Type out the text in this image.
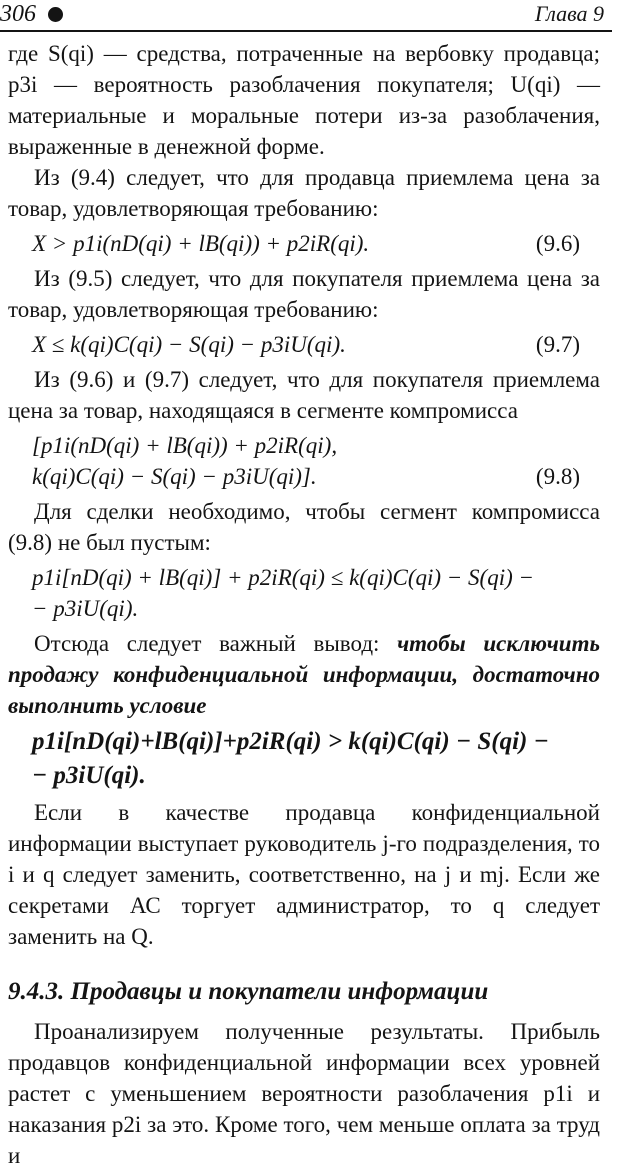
306	Глава 9

где S(qi) — средства, потраченные на вербовку продавца; p3i — вероятность разоблачения покупателя; U(qi) — материальные и моральные потери из-за разоблачения, выраженные в денежной форме.

Из (9.4) следует, что для продавца приемлема цена за товар, удовлетворяющая требованию:

X > p1i(nD(qi) + lB(qi)) + p2iR(qi).	(9.6)

Из (9.5) следует, что для покупателя приемлема цена за товар, удовлетворяющая требованию:

X ≤ k(qi)C(qi) − S(qi) − p3iU(qi).	(9.7)

Из (9.6) и (9.7) следует, что для покупателя приемлема цена за товар, находящаяся в сегменте компромисса

[p1i(nD(qi) + lB(qi)) + p2iR(qi),
k(qi)C(qi) − S(qi) − p3iU(qi)].	(9.8)

Для сделки необходимо, чтобы сегмент компромисса (9.8) не был пустым:

p1i[nD(qi) + lB(qi)] + p2iR(qi) ≤ k(qi)C(qi) − S(qi) −
− p3iU(qi).

Отсюда следует важный вывод: чтобы исключить продажу конфиденциальной информации, достаточно выполнить условие

p1i[nD(qi)+lB(qi)]+p2iR(qi) > k(qi)C(qi) − S(qi) −
− p3iU(qi).

Если в качестве продавца конфиденциальной информации выступает руководитель j-го подразделения, то i и q следует заменить, соответственно, на j и mj. Если же секретами АС торгует администратор, то q следует заменить на Q.

9.4.3. Продавцы и покупатели информации

Проанализируем полученные результаты. Прибыль продавцов конфиденциальной информации всех уровней растет с уменьшением вероятности разоблачения p1i и наказания p2i за это. Кроме того, чем меньше оплата за труд и
